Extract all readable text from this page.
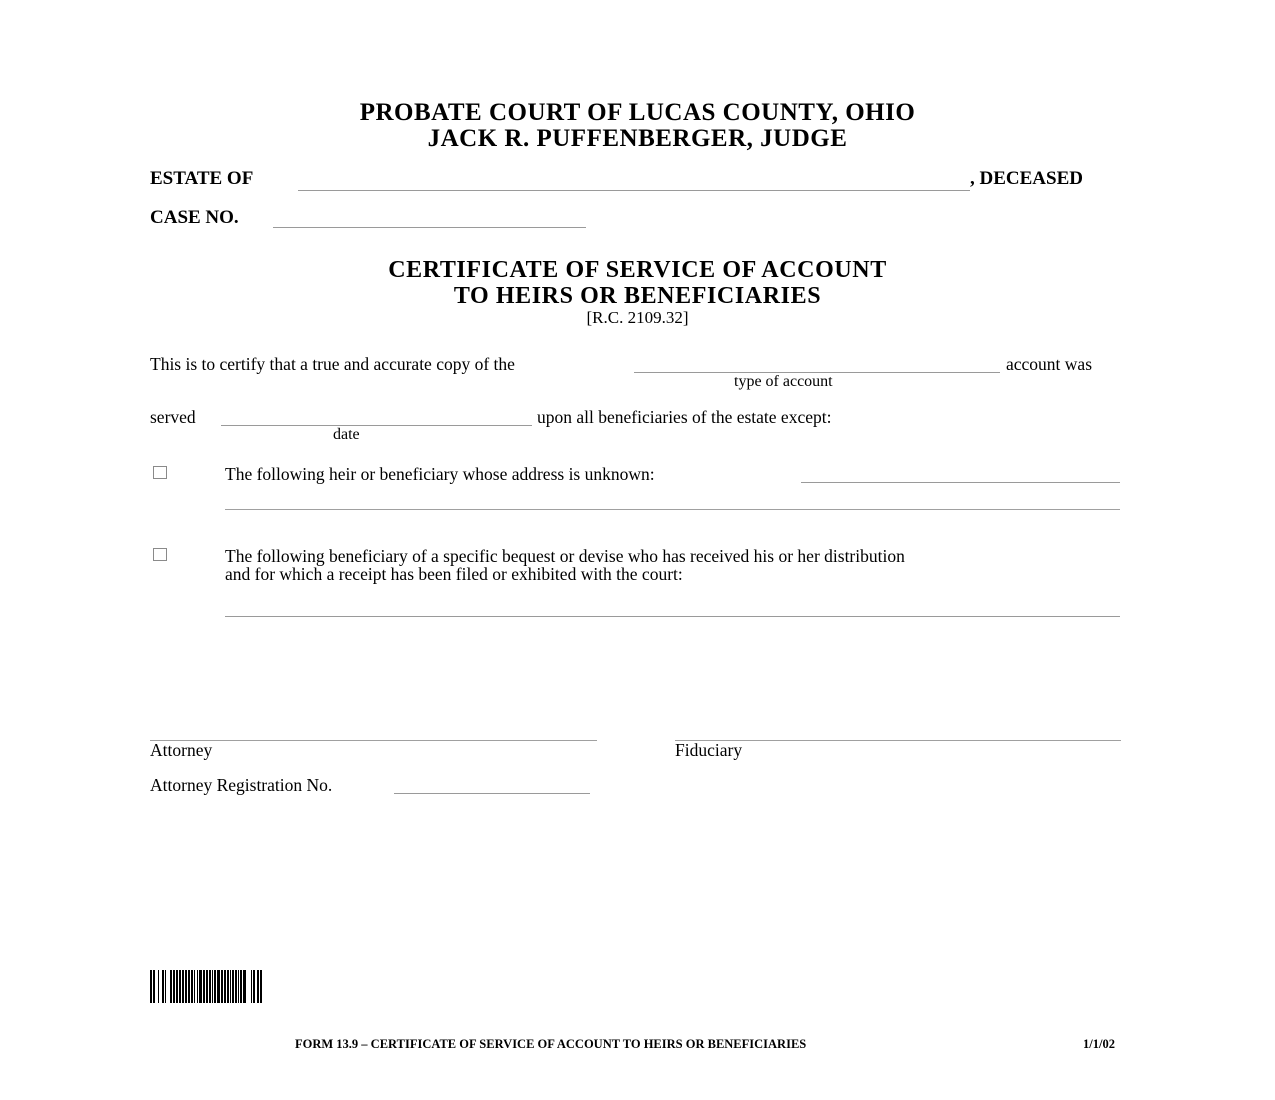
PROBATE COURT OF LUCAS COUNTY, OHIO
JACK R. PUFFENBERGER, JUDGE
ESTATE OF	, DECEASED
CASE NO.
CERTIFICATE OF SERVICE OF ACCOUNT
TO HEIRS OR BENEFICIARIES
[R.C. 2109.32]
This is to certify that a true and accurate copy of the	account was
type of account
served	upon all beneficiaries of the estate except:
date
The following heir or beneficiary whose address is unknown:
The following beneficiary of a specific bequest or devise who has received his or her distribution
and for which a receipt has been filed or exhibited with the court:
Attorney	Fiduciary
Attorney Registration No.
FORM 13.9 – CERTIFICATE OF SERVICE OF ACCOUNT TO HEIRS OR BENEFICIARIES	1/1/02
